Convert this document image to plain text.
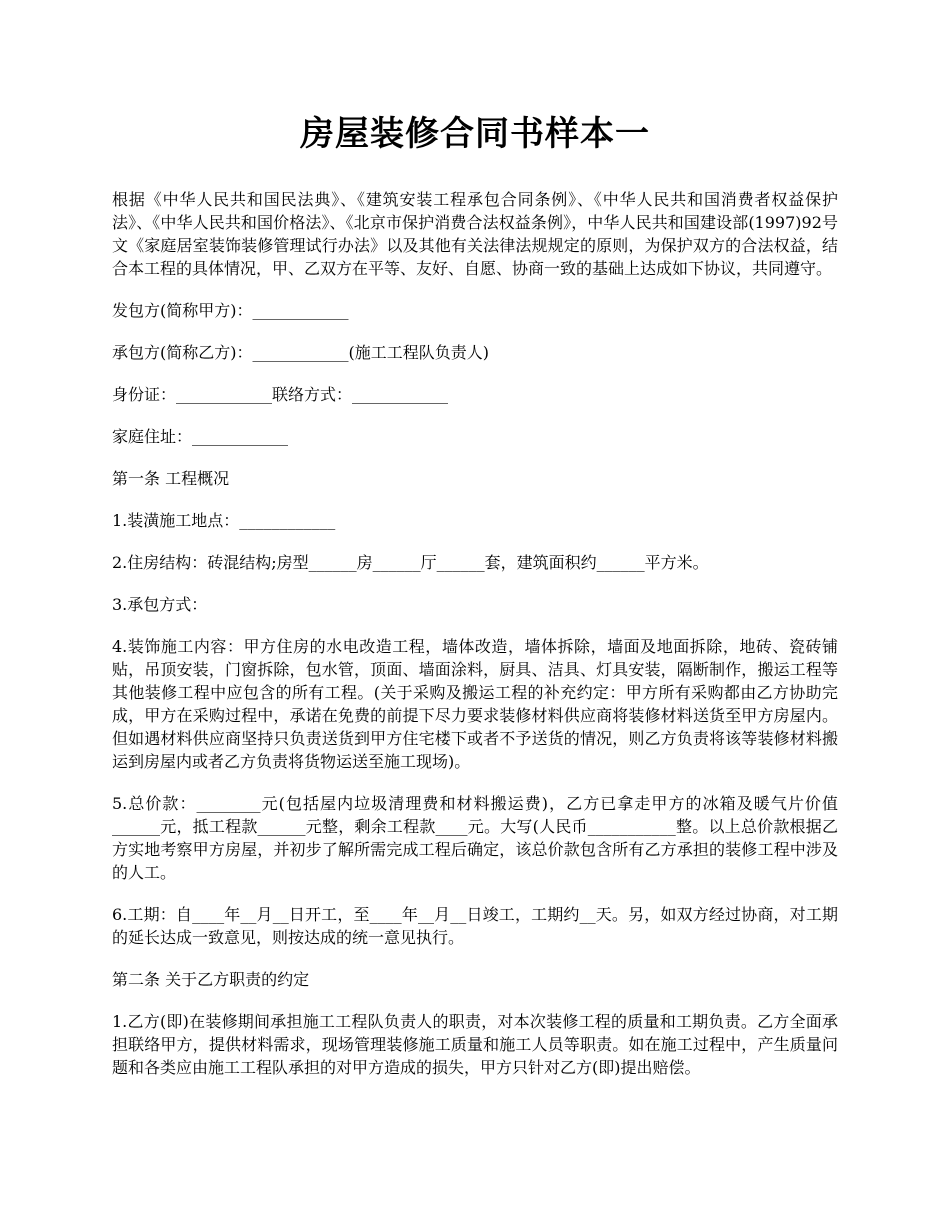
房屋装修合同书样本一

根据《中华人民共和国民法典》、《建筑安装工程承包合同条例》、《中华人民共和国消费者权益保护法》、《中华人民共和国价格法》、《北京市保护消费合法权益条例》，中华人民共和国建设部(1997)92号文《家庭居室装饰装修管理试行办法》以及其他有关法律法规规定的原则，为保护双方的合法权益，结合本工程的具体情况，甲、乙双方在平等、友好、自愿、协商一致的基础上达成如下协议，共同遵守。

发包方(简称甲方)：____________

承包方(简称乙方)：____________(施工工程队负责人)

身份证：____________联络方式：____________

家庭住址：____________

第一条 工程概况

1.装潢施工地点：____________

2.住房结构：砖混结构;房型______房______厅______套，建筑面积约______平方米。

3.承包方式：

4.装饰施工内容：甲方住房的水电改造工程，墙体改造，墙体拆除，墙面及地面拆除，地砖、瓷砖铺贴，吊顶安装，门窗拆除，包水管，顶面、墙面涂料，厨具、洁具、灯具安装，隔断制作，搬运工程等其他装修工程中应包含的所有工程。(关于采购及搬运工程的补充约定：甲方所有采购都由乙方协助完成，甲方在采购过程中，承诺在免费的前提下尽力要求装修材料供应商将装修材料送货至甲方房屋内。但如遇材料供应商坚持只负责送货到甲方住宅楼下或者不予送货的情况，则乙方负责将该等装修材料搬运到房屋内或者乙方负责将货物运送至施工现场)。

5.总价款：________元(包括屋内垃圾清理费和材料搬运费)，乙方已拿走甲方的冰箱及暖气片价值______元，抵工程款______元整，剩余工程款____元。大写(人民币___________整。以上总价款根据乙方实地考察甲方房屋，并初步了解所需完成工程后确定，该总价款包含所有乙方承担的装修工程中涉及的人工。

6.工期：自____年__月__日开工，至____年__月__日竣工，工期约__天。另，如双方经过协商，对工期的延长达成一致意见，则按达成的统一意见执行。

第二条 关于乙方职责的约定

1.乙方(即)在装修期间承担施工工程队负责人的职责，对本次装修工程的质量和工期负责。乙方全面承担联络甲方，提供材料需求，现场管理装修施工质量和施工人员等职责。如在施工过程中，产生质量问题和各类应由施工工程队承担的对甲方造成的损失，甲方只针对乙方(即)提出赔偿。
